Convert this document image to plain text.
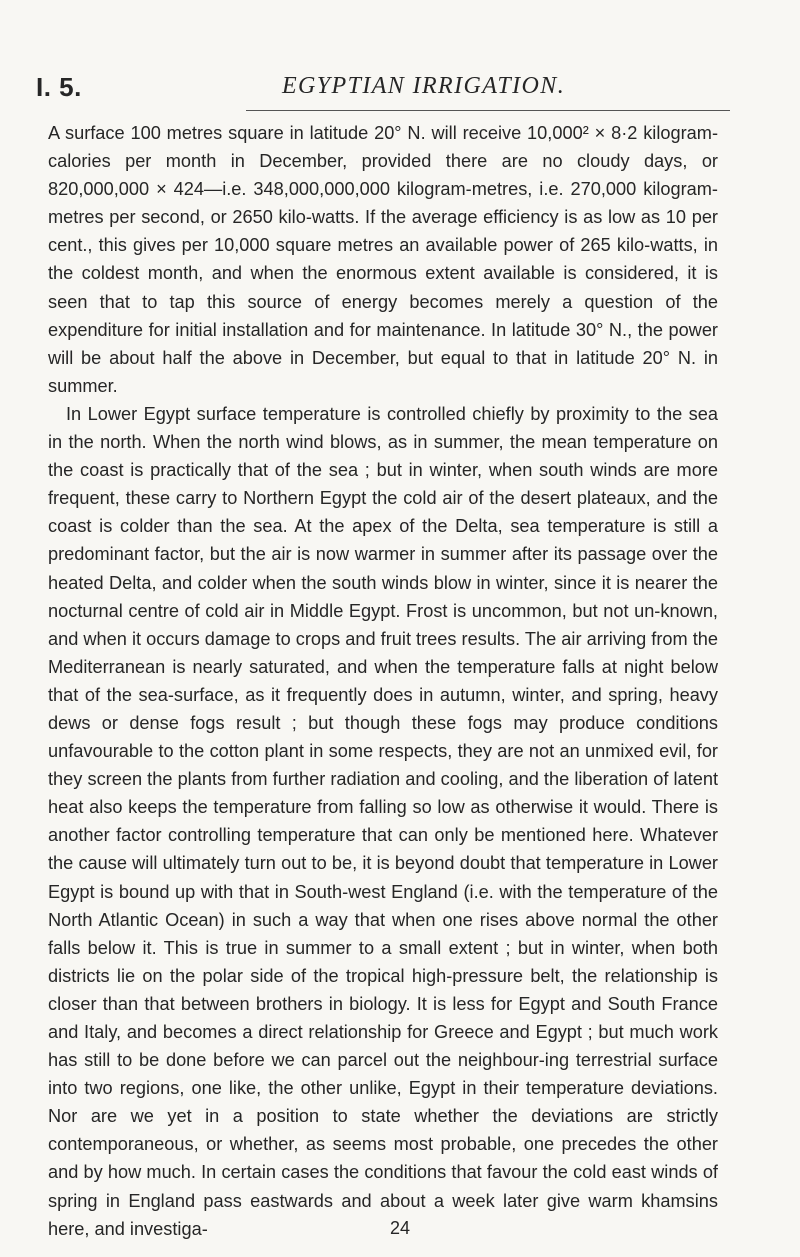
I. 5.	EGYPTIAN IRRIGATION.

A surface 100 metres square in latitude 20° N. will receive 10,000² × 8·2 kilogram-calories per month in December, provided there are no cloudy days, or 820,000,000 × 424—i.e. 348,000,000,000 kilogram-metres, i.e. 270,000 kilogram-metres per second, or 2650 kilo-watts. If the average efficiency is as low as 10 per cent., this gives per 10,000 square metres an available power of 265 kilo-watts, in the coldest month, and when the enormous extent available is considered, it is seen that to tap this source of energy becomes merely a question of the expenditure for initial installation and for maintenance. In latitude 30° N., the power will be about half the above in December, but equal to that in latitude 20° N. in summer.

In Lower Egypt surface temperature is controlled chiefly by proximity to the sea in the north. When the north wind blows, as in summer, the mean temperature on the coast is practically that of the sea ; but in winter, when south winds are more frequent, these carry to Northern Egypt the cold air of the desert plateaux, and the coast is colder than the sea. At the apex of the Delta, sea temperature is still a predominant factor, but the air is now warmer in summer after its passage over the heated Delta, and colder when the south winds blow in winter, since it is nearer the nocturnal centre of cold air in Middle Egypt. Frost is uncommon, but not un-known, and when it occurs damage to crops and fruit trees results. The air arriving from the Mediterranean is nearly saturated, and when the temperature falls at night below that of the sea-surface, as it frequently does in autumn, winter, and spring, heavy dews or dense fogs result ; but though these fogs may produce conditions unfavourable to the cotton plant in some respects, they are not an unmixed evil, for they screen the plants from further radiation and cooling, and the liberation of latent heat also keeps the temperature from falling so low as otherwise it would. There is another factor controlling temperature that can only be mentioned here. Whatever the cause will ultimately turn out to be, it is beyond doubt that temperature in Lower Egypt is bound up with that in South-west England (i.e. with the temperature of the North Atlantic Ocean) in such a way that when one rises above normal the other falls below it. This is true in summer to a small extent ; but in winter, when both districts lie on the polar side of the tropical high-pressure belt, the relationship is closer than that between brothers in biology. It is less for Egypt and South France and Italy, and becomes a direct relationship for Greece and Egypt ; but much work has still to be done before we can parcel out the neighbour-ing terrestrial surface into two regions, one like, the other unlike, Egypt in their temperature deviations. Nor are we yet in a position to state whether the deviations are strictly contemporaneous, or whether, as seems most probable, one precedes the other and by how much. In certain cases the conditions that favour the cold east winds of spring in England pass eastwards and about a week later give warm khamsins here, and investiga-	24
